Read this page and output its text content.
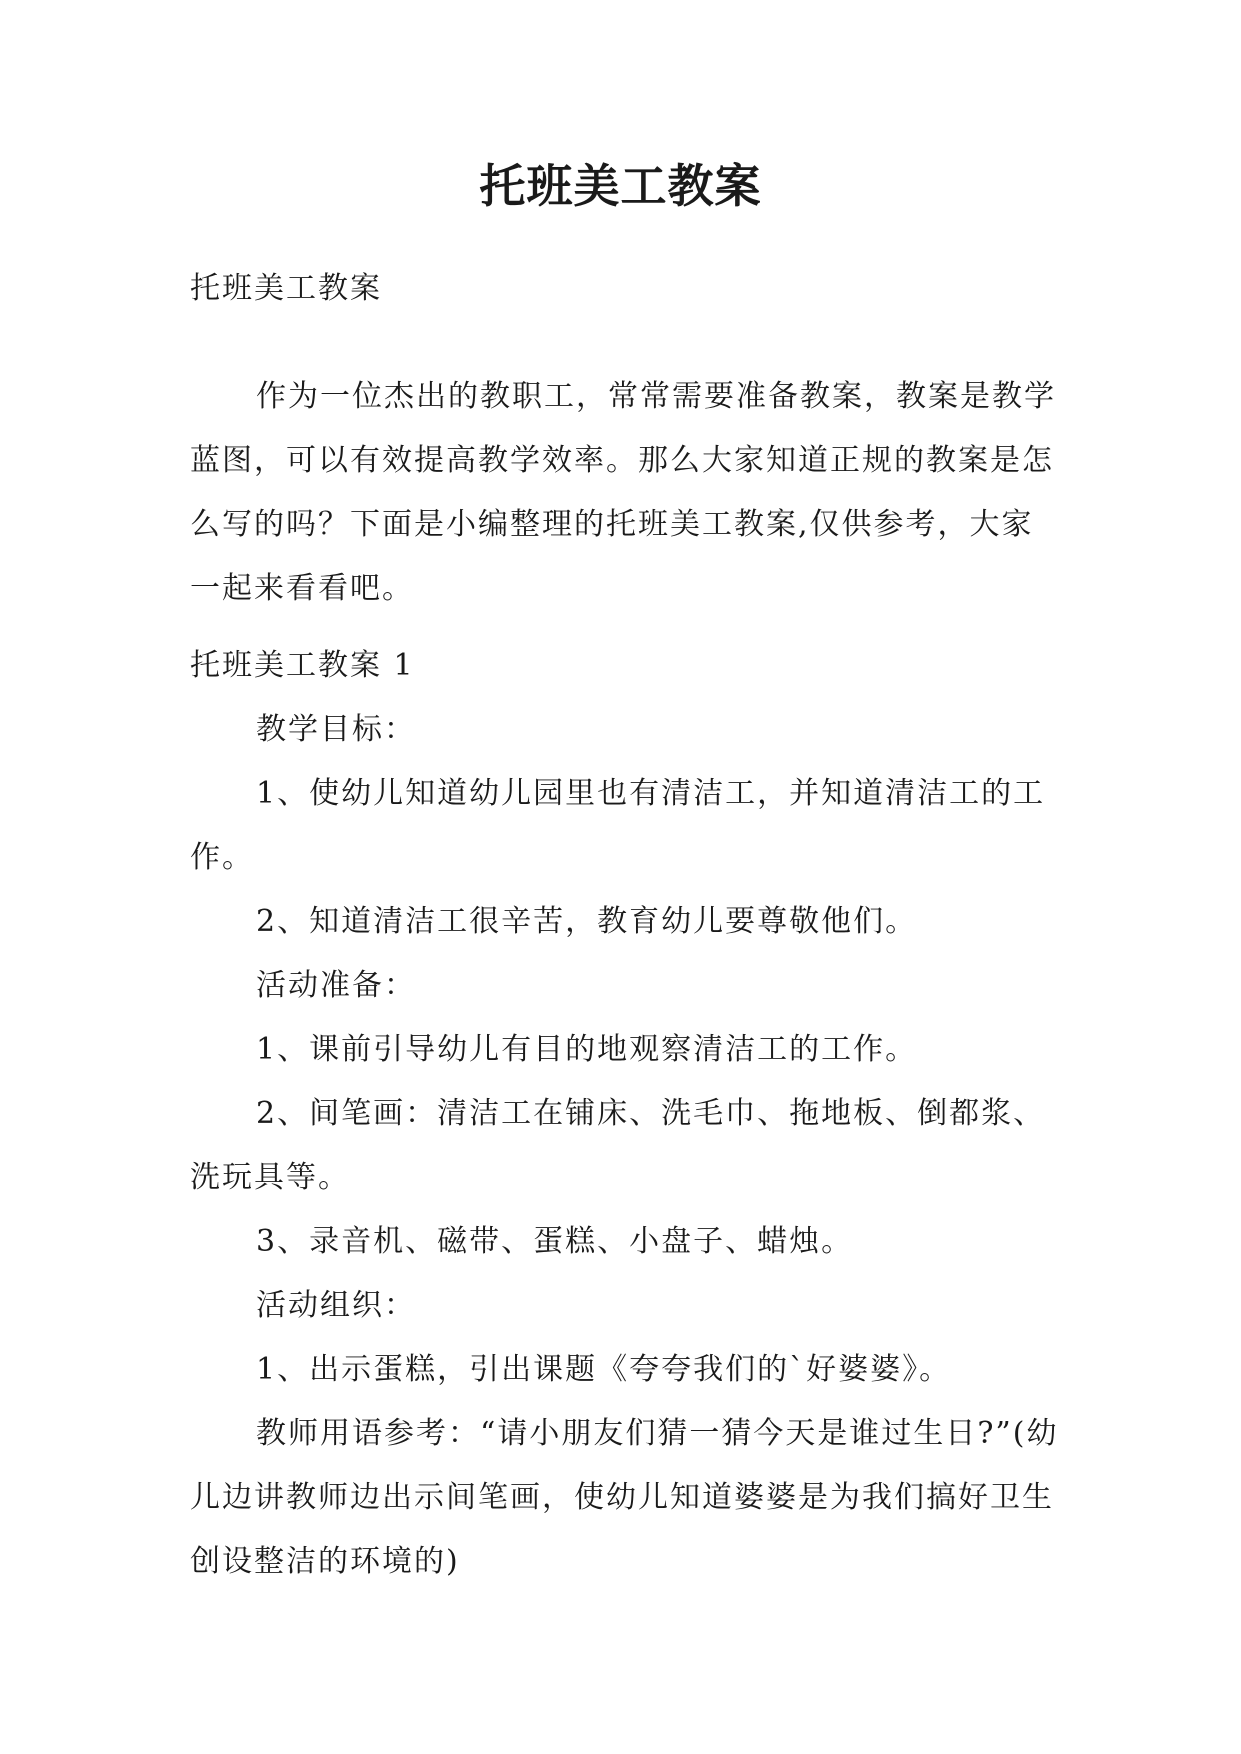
托班美工教案

托班美工教案

作为一位杰出的教职工，常常需要准备教案，教案是教学蓝图，可以有效提高教学效率。那么大家知道正规的教案是怎么写的吗？下面是小编整理的托班美工教案,仅供参考，大家一起来看看吧。

托班美工教案 1

教学目标：

1、使幼儿知道幼儿园里也有清洁工，并知道清洁工的工作。

2、知道清洁工很辛苦，教育幼儿要尊敬他们。

活动准备：

1、课前引导幼儿有目的地观察清洁工的工作。

2、间笔画：清洁工在铺床、洗毛巾、拖地板、倒都浆、洗玩具等。

3、录音机、磁带、蛋糕、小盘子、蜡烛。

活动组织：

1、出示蛋糕，引出课题《夸夸我们的`好婆婆》。

教师用语参考：“请小朋友们猜一猜今天是谁过生日?”(幼儿边讲教师边出示间笔画，使幼儿知道婆婆是为我们搞好卫生创设整洁的环境的)
